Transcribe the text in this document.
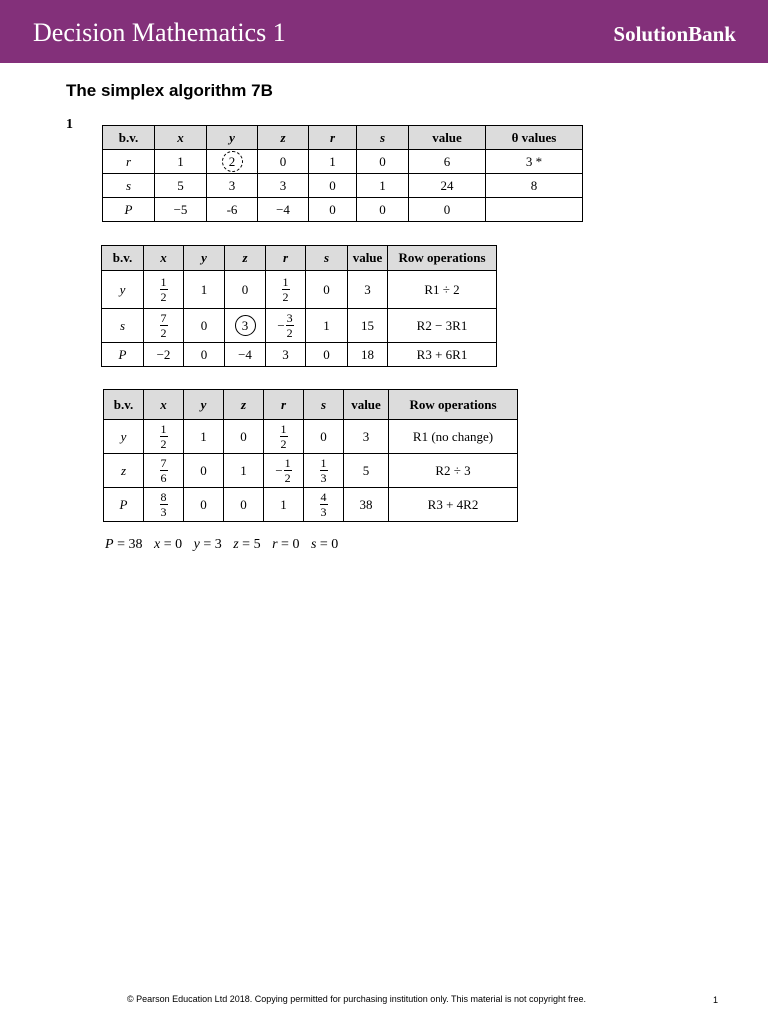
Decision Mathematics 1	SolutionBank
The simplex algorithm 7B
1
b.v.	x	y	z	r	s	value	θ values
r	1	2	0	1	0	6	3 *
s	5	3	3	0	1	24	8
P	−5	-6	−4	0	0	0	
b.v.	x	y	z	r	s	value	Row operations
y	$\frac{1}{2}$	1	0	$\frac{1}{2}$	0	3	R1 ÷ 2
s	$\frac{7}{2}$	0	3	− $\frac{3}{2}$	1	15	R2 − 3R1
P	−2	0	−4	3	0	18	R3 + 6R1
b.v.	x	y	z	r	s	value	Row operations
y	$\frac{1}{2}$	1	0	$\frac{1}{2}$	0	3	R1 (no change)
z	$\frac{7}{6}$	0	1	− $\frac{1}{2}$	$\frac{1}{3}$	5	R2 ÷ 3
P	$\frac{8}{3}$	0	0	1	$\frac{4}{3}$	38	R3 + 4R2
P = 38 x = 0 y = 3 z = 5 r = 0 s = 0
© Pearson Education Ltd 2018. Copying permitted for purchasing institution only. This material is not copyright free.	1
